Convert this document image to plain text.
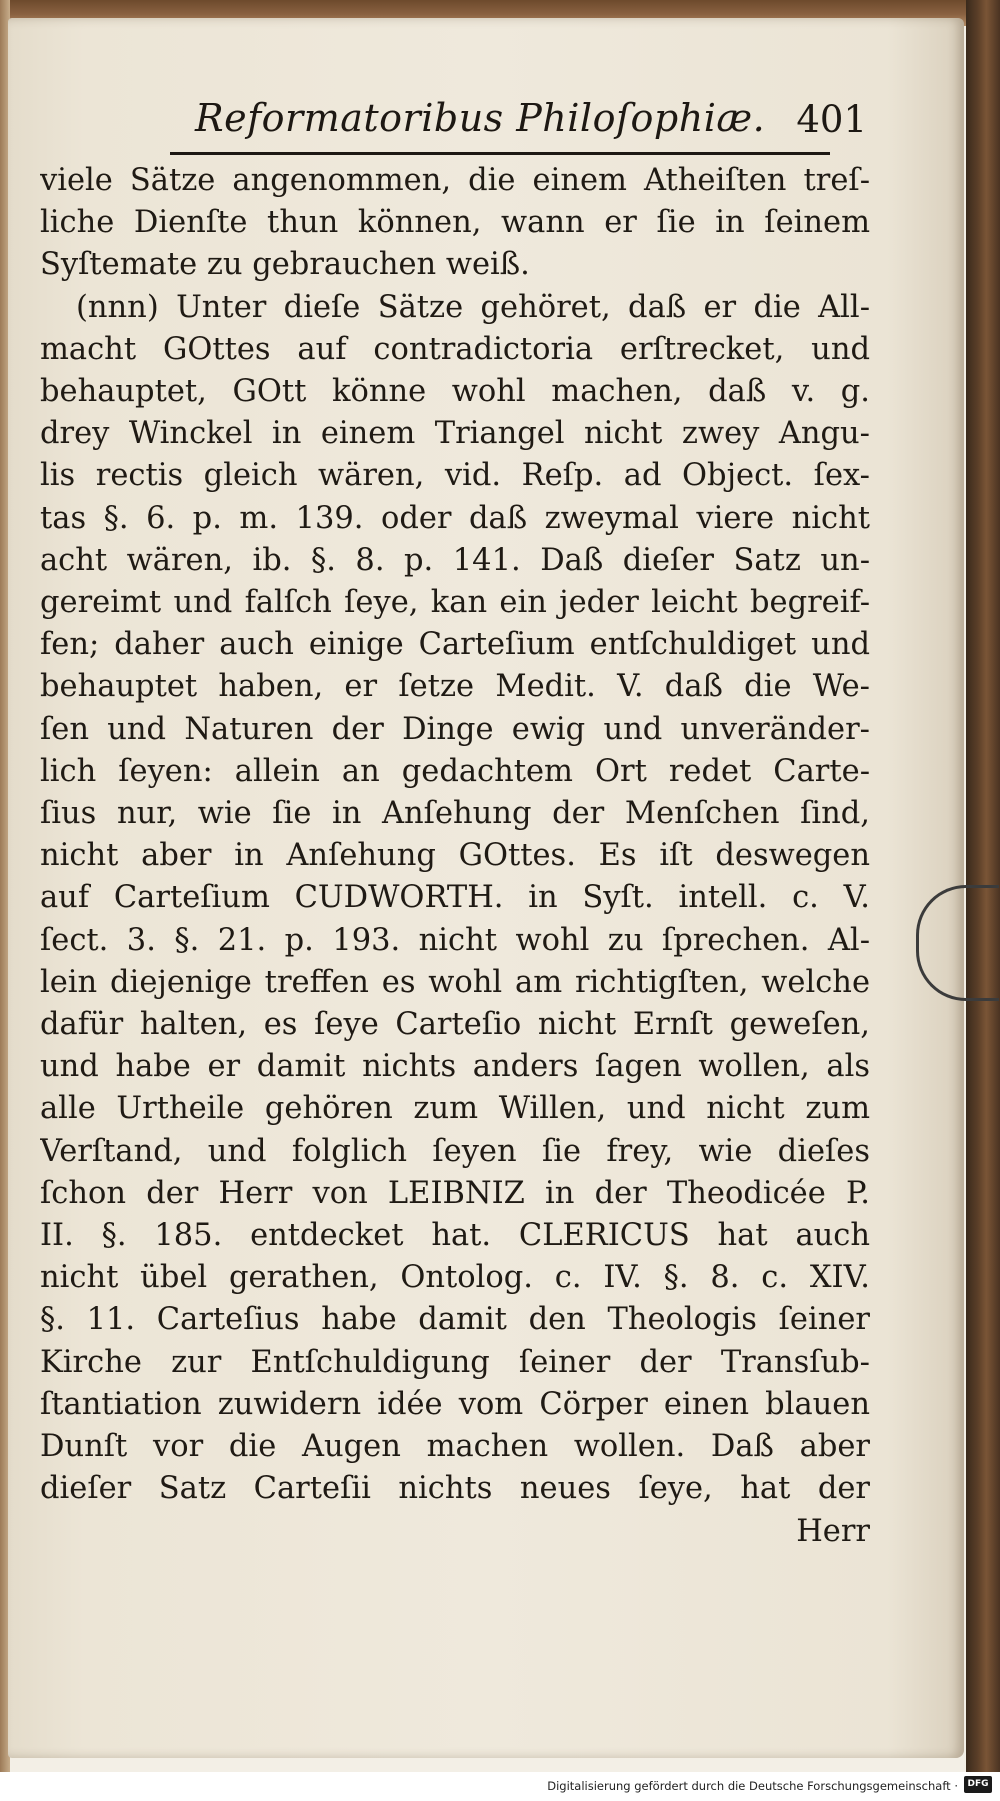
Reformatoribus Philoſophiæ. 401
viele Sätze angenommen, die einem Atheiſten treſ-
liche Dienſte thun können, wann er ſie in ſeinem
Syſtemate zu gebrauchen weiß.
(nnn) Unter dieſe Sätze gehöret, daß er die All-
macht GOttes auf contradictoria erſtrecket, und
behauptet, GOtt könne wohl machen, daß v. g.
drey Winckel in einem Triangel nicht zwey Angu-
lis rectis gleich wären, vid. Reſp. ad Object. ſex-
tas §. 6. p. m. 139. oder daß zweymal viere nicht
acht wären, ib. §. 8. p. 141. Daß dieſer Satz un-
gereimt und falſch ſeye, kan ein jeder leicht begreif-
fen; daher auch einige Carteſium entſchuldiget und
behauptet haben, er ſetze Medit. V. daß die We-
ſen und Naturen der Dinge ewig und unveränder-
lich ſeyen: allein an gedachtem Ort redet Carte-
ſius nur, wie ſie in Anſehung der Menſchen ſind,
nicht aber in Anſehung GOttes. Es iſt deswegen
auf Carteſium CUDWORTH. in Syſt. intell. c. V.
ſect. 3. §. 21. p. 193. nicht wohl zu ſprechen. Al-
lein diejenige treffen es wohl am richtigſten, welche
dafür halten, es ſeye Carteſio nicht Ernſt geweſen,
und habe er damit nichts anders ſagen wollen, als
alle Urtheile gehören zum Willen, und nicht zum
Verſtand, und folglich ſeyen ſie frey, wie dieſes
ſchon der Herr von LEIBNIZ in der Theodicée P.
II. §. 185. entdecket hat. CLERICUS hat auch
nicht übel gerathen, Ontolog. c. IV. §. 8. c. XIV.
§. 11. Carteſius habe damit den Theologis ſeiner
Kirche zur Entſchuldigung ſeiner der Transſub-
ſtantiation zuwidern idée vom Cörper einen blauen
Dunſt vor die Augen machen wollen. Daß aber
dieſer Satz Carteſii nichts neues ſeye, hat der
Herr
Digitalisierung gefördert durch die Deutsche Forschungsgemeinschaft ·	DFG
